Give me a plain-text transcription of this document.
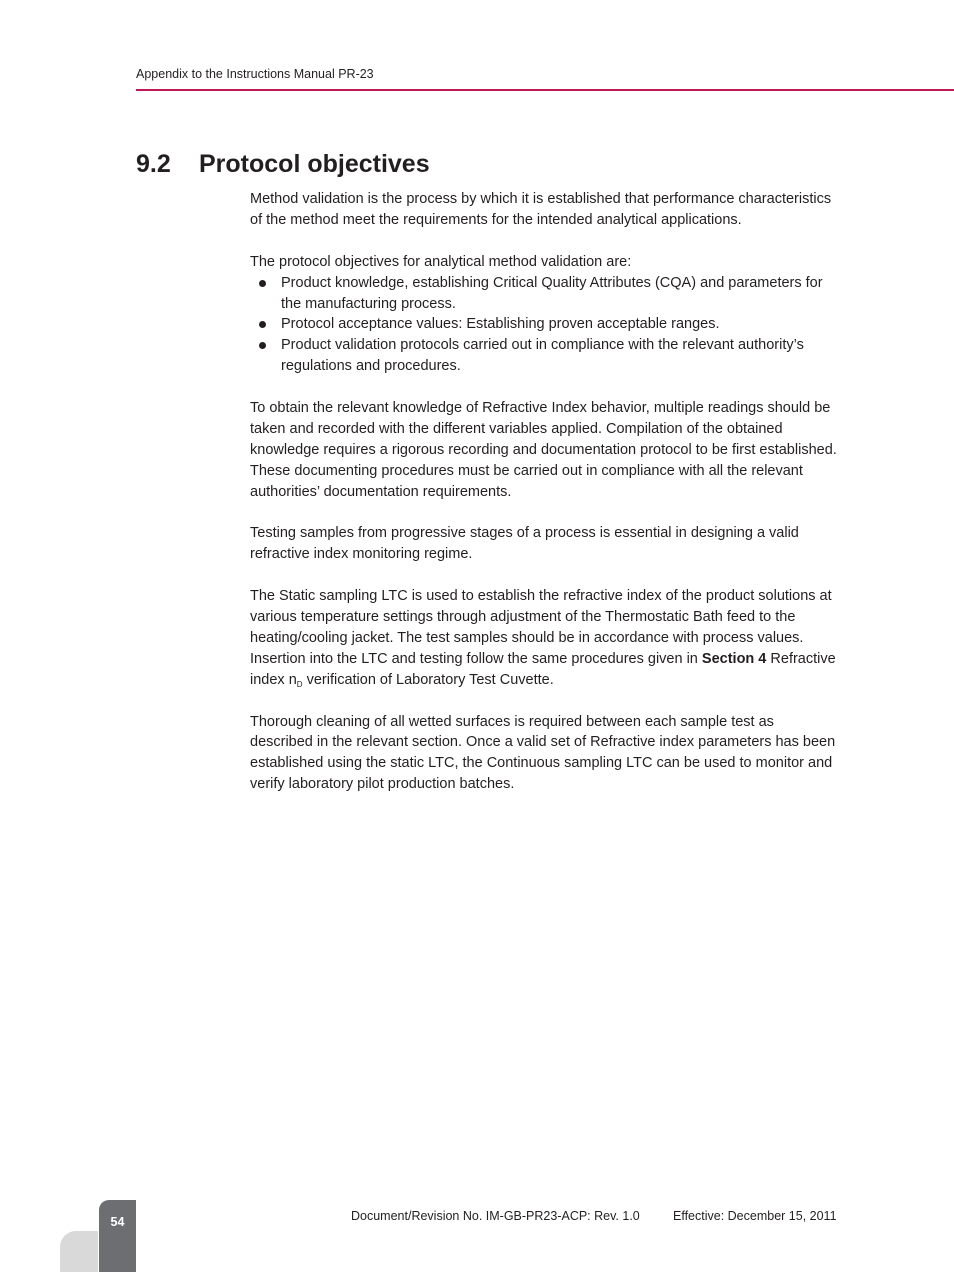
Appendix to the Instructions Manual PR-23
9.2 Protocol objectives

Method validation is the process by which it is established that performance characteristics of the method meet the requirements for the intended analytical applications.

The protocol objectives for analytical method validation are:

Product knowledge, establishing Critical Quality Attributes (CQA) and parameters for the manufacturing process.
Protocol acceptance values: Establishing proven acceptable ranges.
Product validation protocols carried out in compliance with the relevant authority’s regulations and procedures.

To obtain the relevant knowledge of Refractive Index behavior, multiple readings should be taken and recorded with the different variables applied. Compilation of the obtained knowledge requires a rigorous recording and documentation protocol to be first established. These documenting procedures must be carried out in compliance with all the relevant authorities’ documentation requirements.

Testing samples from progressive stages of a process is essential in designing a valid refractive index monitoring regime.

The Static sampling LTC is used to establish the refractive index of the product solutions at various temperature settings through adjustment of the Thermostatic Bath feed to the heating/cooling jacket. The test samples should be in accordance with process values. Insertion into the LTC and testing follow the same procedures given in Section 4 Refractive index $n_D$ verification of Laboratory Test Cuvette.

Thorough cleaning of all wetted surfaces is required between each sample test as described in the relevant section. Once a valid set of Refractive index parameters has been established using the static LTC, the Continuous sampling LTC can be used to monitor and verify laboratory pilot production batches.

54	Document/Revision No. IM-GB-PR23-ACP: Rev. 1.0	Effective: December 15, 2011
